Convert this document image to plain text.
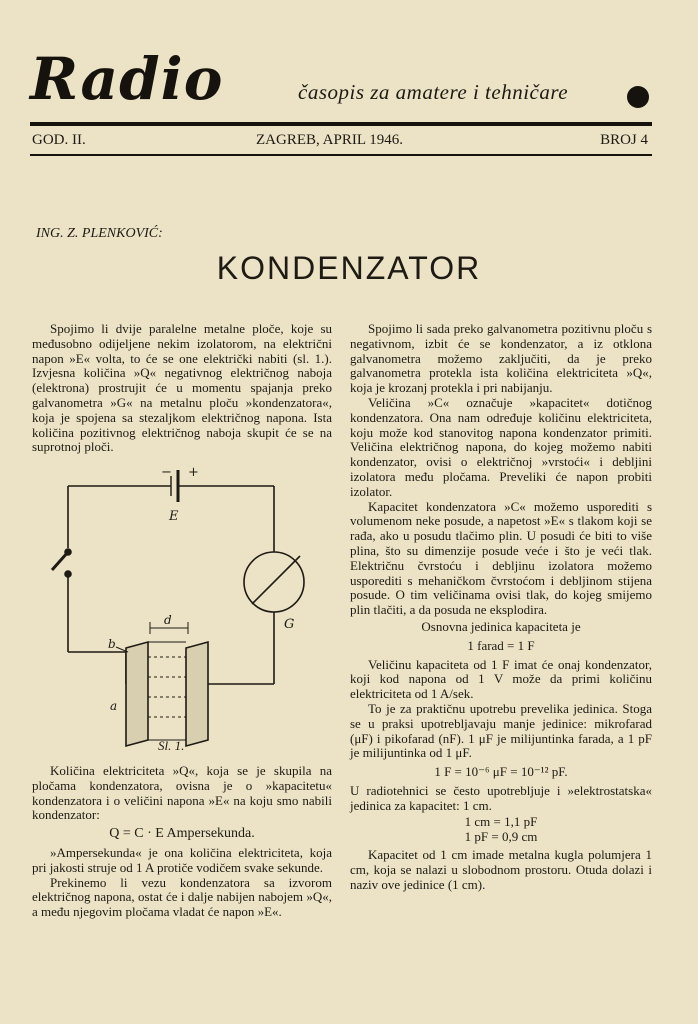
Radio	časopis za amatere i tehničare
GOD. II.	ZAGREB, APRIL 1946.	BROJ 4
ING. Z. PLENKOVIĆ:
KONDENZATOR

Spojimo li dvije paralelne metalne ploče, koje su međusobno odijeljene nekim izolatorom, na električni napon »E« volta, to će se one električki nabiti (sl. 1.). Izvjesna količina »Q« negativnog električnog naboja (elektrona) prostrujit će u momentu spajanja preko galvanometra »G« na metalnu ploču »kondenzatora«, koja je spojena sa stezaljkom električnog napona. Ista količina pozitivnog električnog naboja skupit će se na suprotnoj ploči.

− +
E
G
d
b
a
Sl. 1.

Količina elektriciteta »Q«, koja se je skupila na pločama kondenzatora, ovisna je o »kapacitetu« kondenzatora i o veličini napona »E« na koju smo nabili kondenzator:

Q = C · E Ampersekunda.

»Ampersekunda« je ona količina elektriciteta, koja pri jakosti struje od 1 A protiče vodičem svake sekunde.

Prekinemo li vezu kondenzatora sa izvorom električnog napona, ostat će i dalje nabijen nabojem »Q«, a među njegovim pločama vladat će napon »E«.

Spojimo li sada preko galvanometra pozitivnu ploču s negativnom, izbit će se kondenzator, a iz otklona galvanometra možemo zaključiti, da je preko galvanometra protekla ista količina elektriciteta »Q«, koja je krozanj protekla i pri nabijanju.

Veličina »C« označuje »kapacitet« dotičnog kondenzatora. Ona nam određuje količinu elektriciteta, koju može kod stanovitog napona kondenzator primiti. Veličina električnog napona, do kojeg možemo nabiti kondenzator, ovisi o električnoj »vrstoći« i debljini izolatora među pločama. Preveliki će napon probiti izolator.

Kapacitet kondenzatora »C« možemo usporediti s volumenom neke posude, a napetost »E« s tlakom koji se rađa, ako u posudu tlačimo plin. U posudi će biti to više plina, što su dimenzije posude veće i što je veći tlak. Električnu čvrstoću i debljinu izolatora možemo usporediti s mehaničkom čvrstoćom i debljinom stijena posude. O tim veličinama ovisi tlak, do kojeg smijemo plin tlačiti, a da posuda ne eksplodira.

Osnovna jedinica kapaciteta je

1 farad = 1 F

Veličinu kapaciteta od 1 F imat će onaj kondenzator, koji kod napona od 1 V može da primi količinu elektriciteta od 1 A/sek.

To je za praktičnu upotrebu prevelika jedinica. Stoga se u praksi upotrebljavaju manje jedinice: mikrofarad (μF) i pikofarad (nF). 1 μF je milijuntinka farada, a 1 pF je milijuntinka od 1 μF.

1 F = 10⁻⁶ μF = 10⁻¹² pF.

U radiotehnici se često upotrebljuje i »elektrostatska« jedinica za kapacitet: 1 cm.

1 cm = 1,1 pF

1 pF = 0,9 cm

Kapacitet od 1 cm imade metalna kugla polumjera 1 cm, koja se nalazi u slobodnom prostoru. Otuda dolazi i naziv ove jedinice (1 cm).
